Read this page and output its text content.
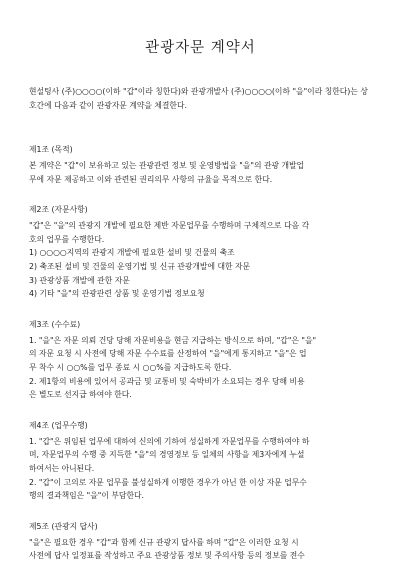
관광자문 계약서

현설팅사 (주)○○○○(이하 "갑"이라 칭한다)와 관광개발사 (주)○○○○(이하 "을"이라 칭한다)는 상호간에 다음과 같이 관광자문 계약을 체결한다.

제1조 (목적)

본 계약은 "갑"이 보유하고 있는 관광관련 정보 및 운영방법을 "을"의 관광 개발업

무에 자문 제공하고 이와 관련된 권리의무 사항의 규율을 목적으로 한다.

제2조 (자문사항)

"갑"은 "을"의 관광지 개발에 필요한 제반 자문업무를 수행하며 구체적으로 다음 각

호의 업무를 수행한다.

1) ○○○○지역의 관광지 개발에 필요한 설비 및 건물의 축조

2) 축조된 설비 및 건물의 운영기법 및 신규 관광개발에 대한 자문

3) 관광상품 개발에 관한 자문

4) 기타 "을"의 관광관련 상품 및 운영기법 정보요청

제3조 (수수료)

1. "을"은 자문 의뢰 건당 당해 자문비용을 현금 지급하는 방식으로 하며, "갑"은 "을"

의 자문 요청 시 사전에 당해 자문 수수료를 산정하여 "을"에게 통지하고 "을"은 업

무 착수 시 ○○%를 업무 종료 시 ○○%를 지급하도록 한다.

2. 제1항의 비용에 있어서 공과금 및 교통비 및 숙박비가 소요되는 경우 당해 비용

은 별도로 선지급 하여야 한다.

제4조 (업무수행)

1. "갑"은 위임된 업무에 대하여 신의에 기하여 성실하게 자문업무를 수행하여야 하

며, 자문업무의 수행 중 지득한 "을"의 경영정보 등 일체의 사항을 제3자에게 누설

하여서는 아니된다.

2. "갑"이 고의로 자문 업무를 불성실하게 이행한 경우가 아닌 한 이상 자문 업무수

행의 결과책임은 "을"이 부담한다.

제5조 (관광지 답사)

"을"은 필요한 경우 "갑"과 함께 신규 관광지 답사를 하며 "갑"은 이러한 요청 시

사전에 답사 일정표를 작성하고 주요 관광상품 정보 및 주의사항 등의 정보를 전수
